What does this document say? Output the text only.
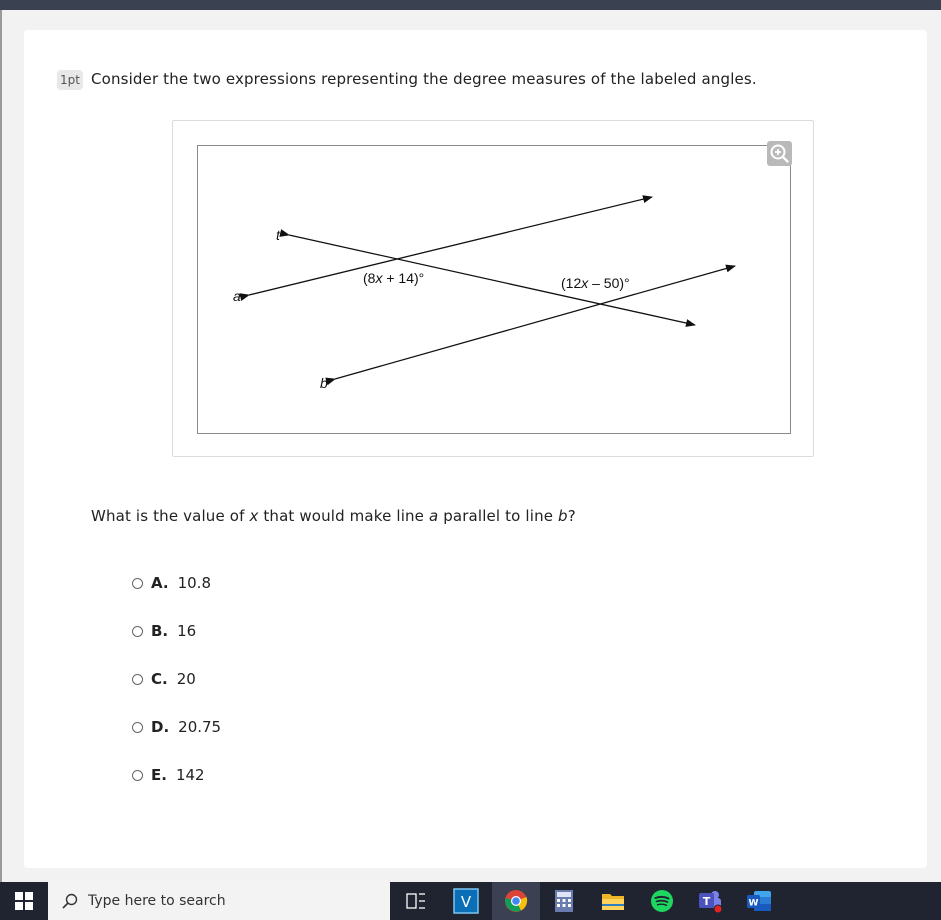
1pt Consider the two expressions representing the degree measures of the labeled angles.
t
a
b
(8x + 14)°	(12x – 50)°
What is the value of x that would make line a parallel to line b?
A. 10.8
B. 16
C. 20
D. 20.75
E. 142
Type here to search	V	T	W
